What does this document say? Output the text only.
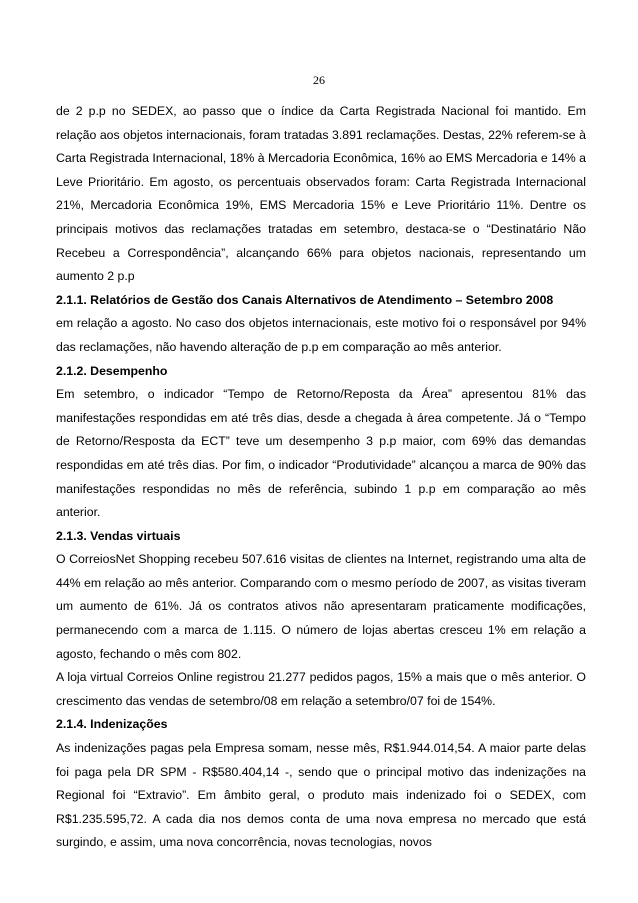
26

de 2 p.p no SEDEX, ao passo que o índice da Carta Registrada Nacional foi mantido. Em relação aos objetos internacionais, foram tratadas 3.891 reclamações. Destas, 22% referem-se à Carta Registrada Internacional, 18% à Mercadoria Econômica, 16% ao EMS Mercadoria e 14% a Leve Prioritário. Em agosto, os percentuais observados foram: Carta Registrada Internacional 21%, Mercadoria Econômica 19%, EMS Mercadoria 15% e Leve Prioritário 11%. Dentre os principais motivos das reclamações tratadas em setembro, destaca-se o “Destinatário Não Recebeu a Correspondência”, alcançando 66% para objetos nacionais, representando um aumento 2 p.p

2.1.1. Relatórios de Gestão dos Canais Alternativos de Atendimento – Setembro 2008

em relação a agosto. No caso dos objetos internacionais, este motivo foi o responsável por 94% das reclamações, não havendo alteração de p.p em comparação ao mês anterior.

2.1.2. Desempenho

Em setembro, o indicador “Tempo de Retorno/Reposta da Área” apresentou 81% das manifestações respondidas em até três dias, desde a chegada à área competente. Já o “Tempo de Retorno/Resposta da ECT” teve um desempenho 3 p.p maior, com 69% das demandas respondidas em até três dias. Por fim, o indicador “Produtividade” alcançou a marca de 90% das manifestações respondidas no mês de referência, subindo 1 p.p em comparação ao mês anterior.

2.1.3. Vendas virtuais

O CorreiosNet Shopping recebeu 507.616 visitas de clientes na Internet, registrando uma alta de 44% em relação ao mês anterior. Comparando com o mesmo período de 2007, as visitas tiveram um aumento de 61%. Já os contratos ativos não apresentaram praticamente modificações, permanecendo com a marca de 1.115. O número de lojas abertas cresceu 1% em relação a agosto, fechando o mês com 802.

A loja virtual Correios Online registrou 21.277 pedidos pagos, 15% a mais que o mês anterior. O crescimento das vendas de setembro/08 em relação a setembro/07 foi de 154%.

2.1.4. Indenizações

As indenizações pagas pela Empresa somam, nesse mês, R$1.944.014,54. A maior parte delas foi paga pela DR SPM - R$580.404,14 -, sendo que o principal motivo das indenizações na Regional foi “Extravio”. Em âmbito geral, o produto mais indenizado foi o SEDEX, com R$1.235.595,72. A cada dia nos demos conta de uma nova empresa no mercado que está surgindo, e assim, uma nova concorrência, novas tecnologias, novos
